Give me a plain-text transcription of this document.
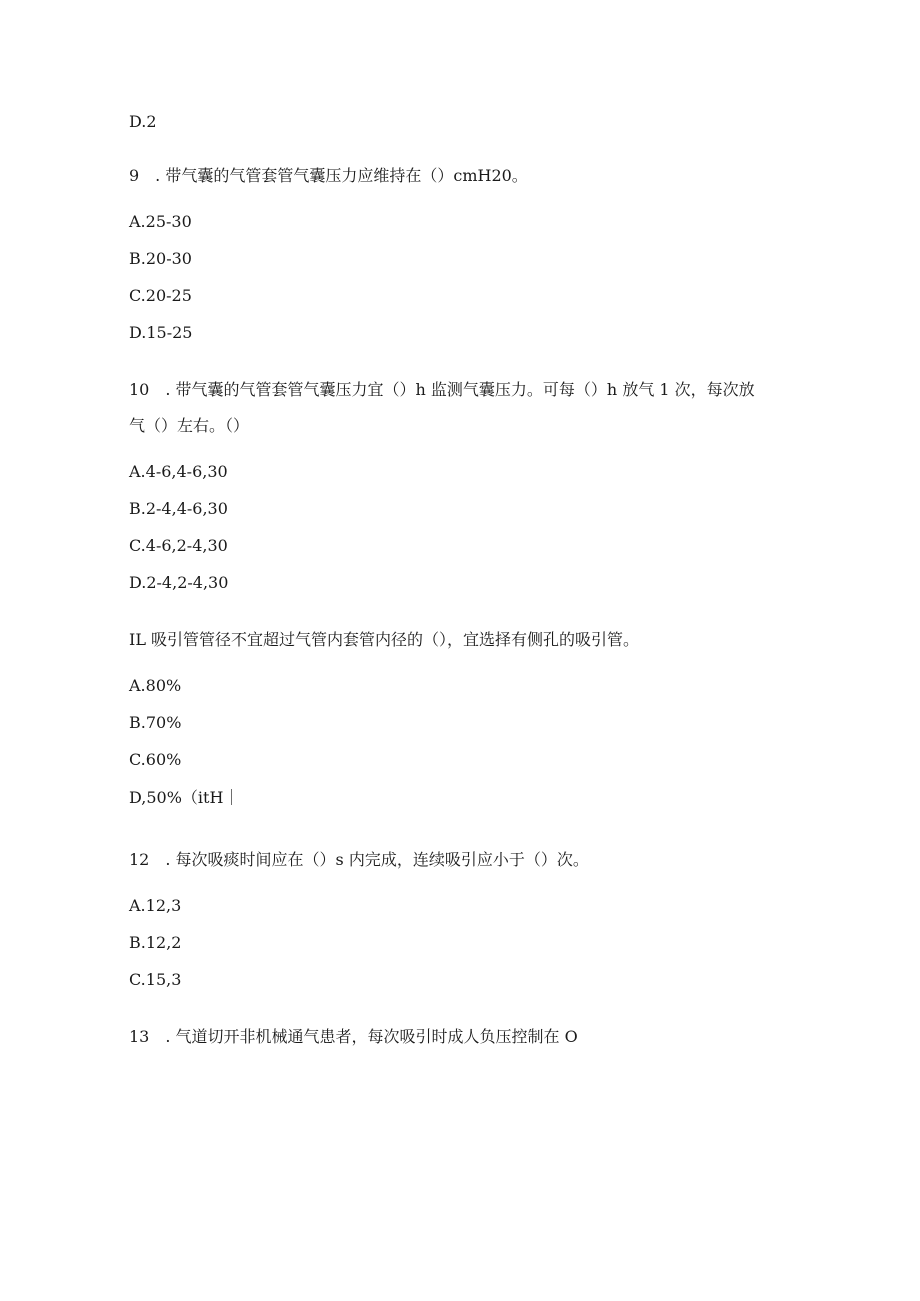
D.2
9　. 带气囊的气管套管气囊压力应维持在（）cmH20。
A.25-30
B.20-30
C.20-25
D.15-25
10　. 带气囊的气管套管气囊压力宜（）h 监测气囊压力。可每（）h 放气 1 次，每次放
气（）左右。（）
A.4-6,4-6,30
B.2-4,4-6,30
C.4-6,2-4,30
D.2-4,2-4,30
IL 吸引管管径不宜超过气管内套管内径的（），宜选择有侧孔的吸引管。
A.80%
B.70%
C.60%
D,50%（itH｜
12　. 每次吸痰时间应在（）s 内完成，连续吸引应小于（）次。
A.12,3
B.12,2
C.15,3
13　. 气道切开非机械通气患者，每次吸引时成人负压控制在 O
